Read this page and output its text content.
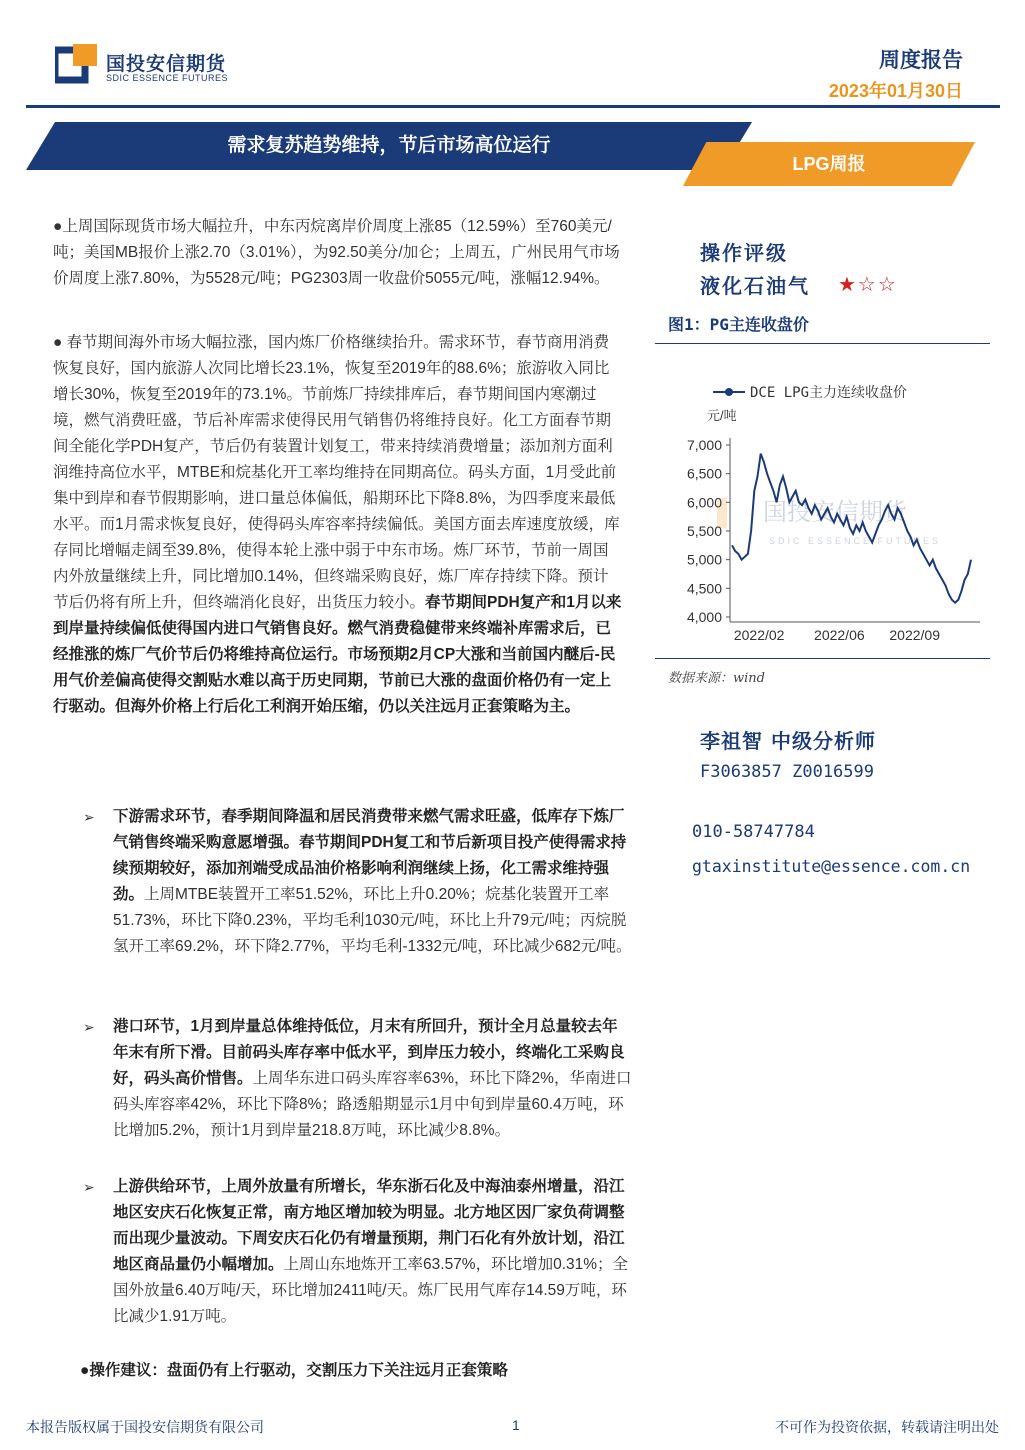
国投安信期货
SDIC ESSENCE FUTURES
周度报告
2023年01月30日
需求复苏趋势维持，节后市场高位运行
LPG周报

●上周国际现货市场大幅拉升，中东丙烷离岸价周度上涨85（12.59%）至760美元/吨；美国MB报价上涨2.70（3.01%），为92.50美分/加仑；上周五，广州民用气市场价周度上涨7.80%，为5528元/吨；PG2303周一收盘价5055元/吨，涨幅12.94%。

● 春节期间海外市场大幅拉涨，国内炼厂价格继续抬升。需求环节，春节商用消费恢复良好，国内旅游人次同比增长23.1%，恢复至2019年的88.6%；旅游收入同比增长30%，恢复至2019年的73.1%。节前炼厂持续排库后，春节期间国内寒潮过境，燃气消费旺盛，节后补库需求使得民用气销售仍将维持良好。化工方面春节期间全能化学PDH复产，节后仍有装置计划复工，带来持续消费增量；添加剂方面利润维持高位水平，MTBE和烷基化开工率均维持在同期高位。码头方面，1月受此前集中到岸和春节假期影响，进口量总体偏低，船期环比下降8.8%，为四季度来最低水平。而1月需求恢复良好，使得码头库容率持续偏低。美国方面去库速度放缓，库存同比增幅走阔至39.8%，使得本轮上涨中弱于中东市场。炼厂环节，节前一周国内外放量继续上升，同比增加0.14%，但终端采购良好，炼厂库存持续下降。预计节后仍将有所上升，但终端消化良好，出货压力较小。春节期间PDH复产和1月以来到岸量持续偏低使得国内进口气销售良好。燃气消费稳健带来终端补库需求后，已经推涨的炼厂气价节后仍将维持高位运行。市场预期2月CP大涨和当前国内醚后-民用气价差偏高使得交割贴水难以高于历史同期，节前已大涨的盘面价格仍有一定上行驱动。但海外价格上行后化工利润开始压缩，仍以关注远月正套策略为主。

➢ 下游需求环节，春季期间降温和居民消费带来燃气需求旺盛，低库存下炼厂气销售终端采购意愿增强。春节期间PDH复工和节后新项目投产使得需求持续预期较好，添加剂端受成品油价格影响利润继续上扬，化工需求维持强劲。上周MTBE装置开工率51.52%，环比上升0.20%；烷基化装置开工率51.73%，环比下降0.23%，平均毛利1030元/吨，环比上升79元/吨；丙烷脱氢开工率69.2%，环下降2.77%，平均毛利-1332元/吨，环比减少682元/吨。

➢ 港口环节，1月到岸量总体维持低位，月末有所回升，预计全月总量较去年年末有所下滑。目前码头库存率中低水平，到岸压力较小，终端化工采购良好，码头高价惜售。上周华东进口码头库容率63%，环比下降2%，华南进口码头库容率42%，环比下降8%；路透船期显示1月中旬到岸量60.4万吨，环比增加5.2%，预计1月到岸量218.8万吨，环比减少8.8%。

➢ 上游供给环节，上周外放量有所增长，华东浙石化及中海油泰州增量，沿江地区安庆石化恢复正常，南方地区增加较为明显。北方地区因厂家负荷调整而出现少量波动。下周安庆石化仍有增量预期，荆门石化有外放计划，沿江地区商品量仍小幅增加。上周山东地炼开工率63.57%，环比增加0.31%；全国外放量6.40万吨/天，环比增加2411吨/天。炼厂民用气库存14.59万吨，环比减少1.91万吨。

●操作建议：盘面仍有上行驱动，交割压力下关注远月正套策略

操作评级
液化石油气 ★☆☆
图1：PG主连收盘价
国投安信期货
SDIC ESSENCE FUTURES
DCE LPG主力连续收盘价
元/吨
7,000
6,500
6,000
5,500
5,000
4,500
4,000
2022/02 2022/06 2022/09
数据来源：wind
李祖智 中级分析师
F3063857 Z0016599
010-58747784
gtaxinstitute@essence.com.cn
本报告版权属于国投安信期货有限公司	1	不可作为投资依据，转载请注明出处
